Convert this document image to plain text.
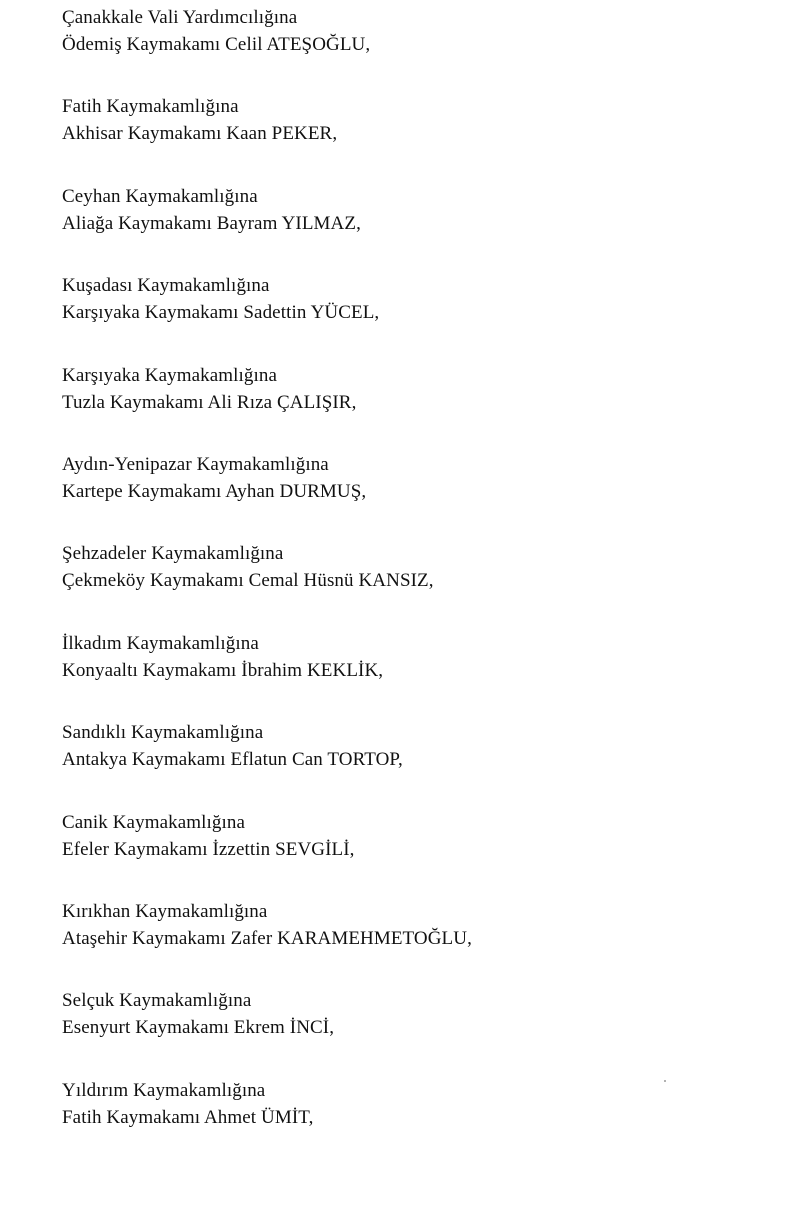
Çanakkale Vali Yardımcılığına
Ödemiş Kaymakamı Celil ATEŞOĞLU,
Fatih Kaymakamlığına
Akhisar Kaymakamı Kaan PEKER,
Ceyhan Kaymakamlığına
Aliağa Kaymakamı Bayram YILMAZ,
Kuşadası Kaymakamlığına
Karşıyaka Kaymakamı Sadettin YÜCEL,
Karşıyaka Kaymakamlığına
Tuzla Kaymakamı Ali Rıza ÇALIŞIR,
Aydın-Yenipazar Kaymakamlığına
Kartepe Kaymakamı Ayhan DURMUŞ,
Şehzadeler Kaymakamlığına
Çekmeköy Kaymakamı Cemal Hüsnü KANSIZ,
İlkadım Kaymakamlığına
Konyaaltı Kaymakamı İbrahim KEKLİK,
Sandıklı Kaymakamlığına
Antakya Kaymakamı Eflatun Can TORTOP,
Canik Kaymakamlığına
Efeler Kaymakamı İzzettin SEVGİLİ,
Kırıkhan Kaymakamlığına
Ataşehir Kaymakamı Zafer KARAMEHMETOĞLU,
Selçuk Kaymakamlığına
Esenyurt Kaymakamı Ekrem İNCİ,
Yıldırım Kaymakamlığına
Fatih Kaymakamı Ahmet ÜMİT,
